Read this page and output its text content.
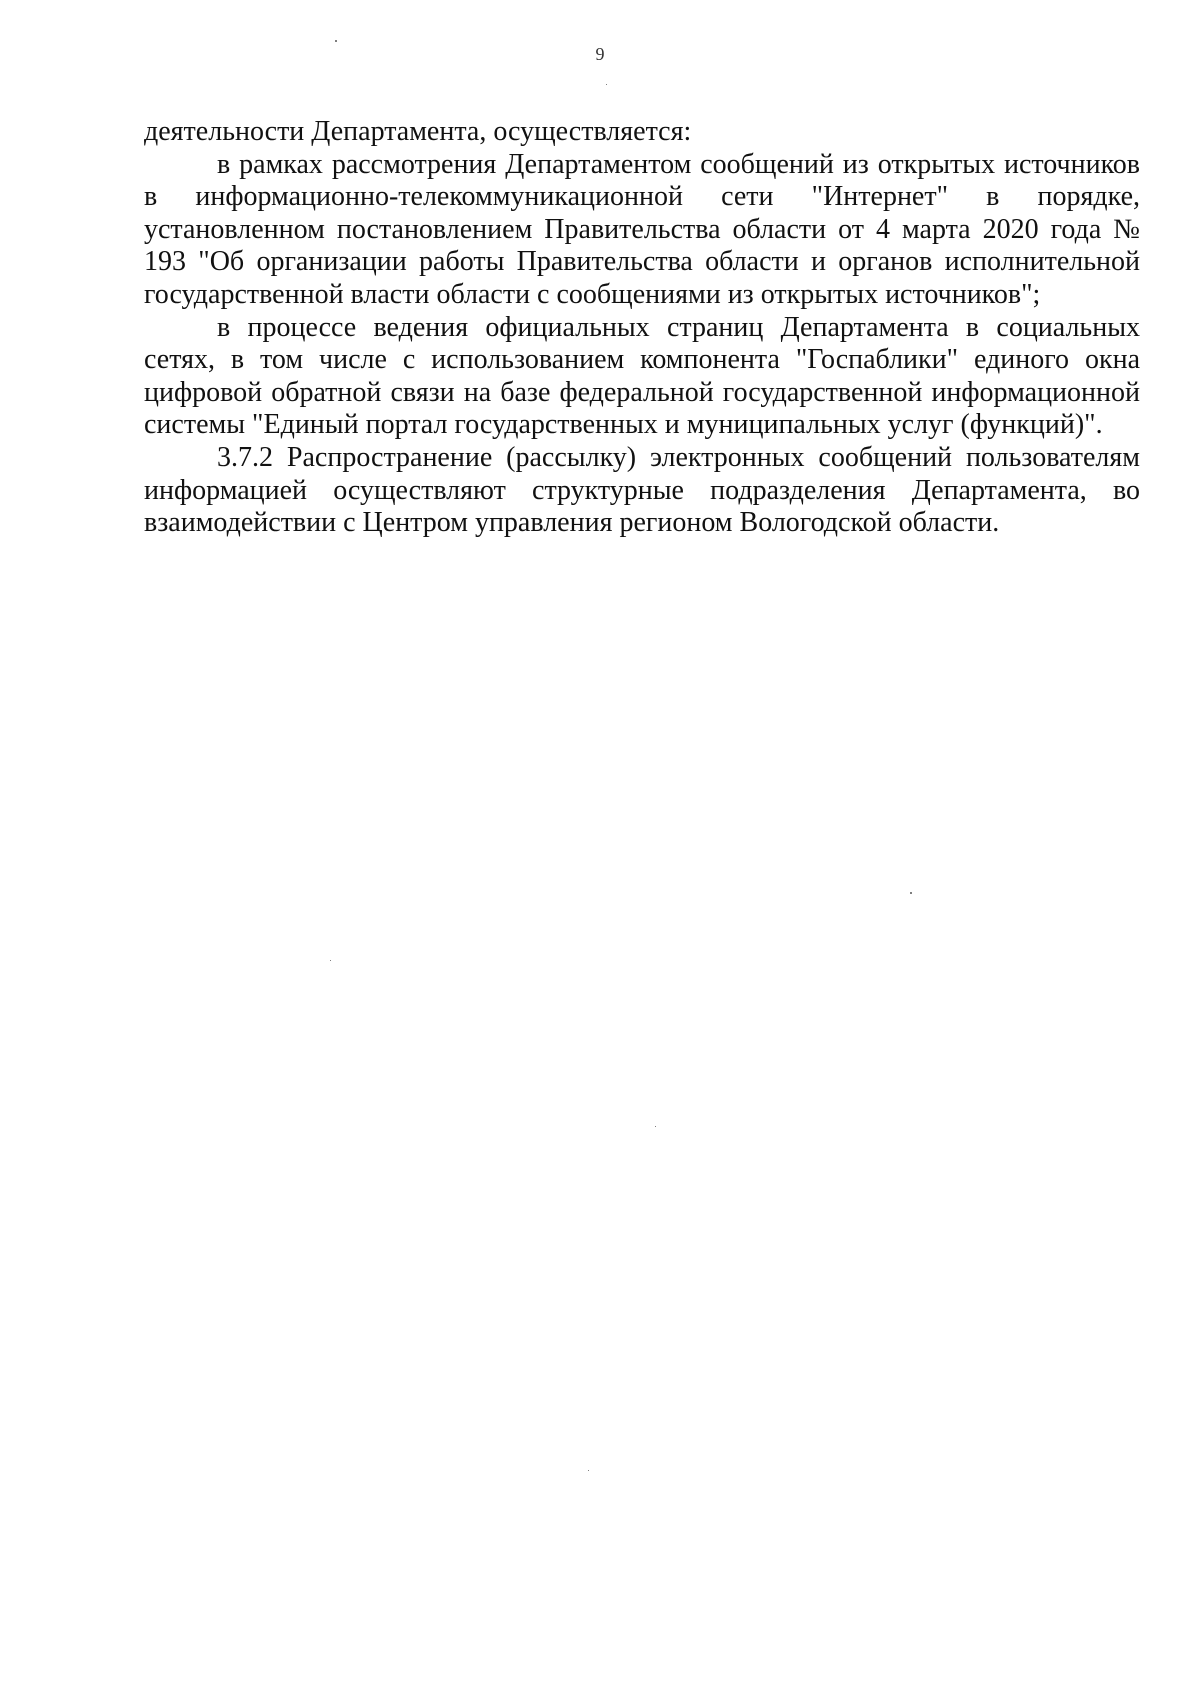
9

деятельности Департамента, осуществляется:

в рамках рассмотрения Департаментом сообщений из открытых источников в информационно-телекоммуникационной сети "Интернет" в порядке, установленном постановлением Правительства области от 4 марта 2020 года № 193 "Об организации работы Правительства области и органов исполнительной государственной власти области с сообщениями из открытых источников";

в процессе ведения официальных страниц Департамента в социальных сетях, в том числе с использованием компонента "Госпаблики" единого окна цифровой обратной связи на базе федеральной государственной информационной системы "Единый портал государственных и муниципальных услуг (функций)".

3.7.2 Распространение (рассылку) электронных сообщений пользователям информацией осуществляют структурные подразделения Департамента, во взаимодействии с Центром управления регионом Вологодской области.
